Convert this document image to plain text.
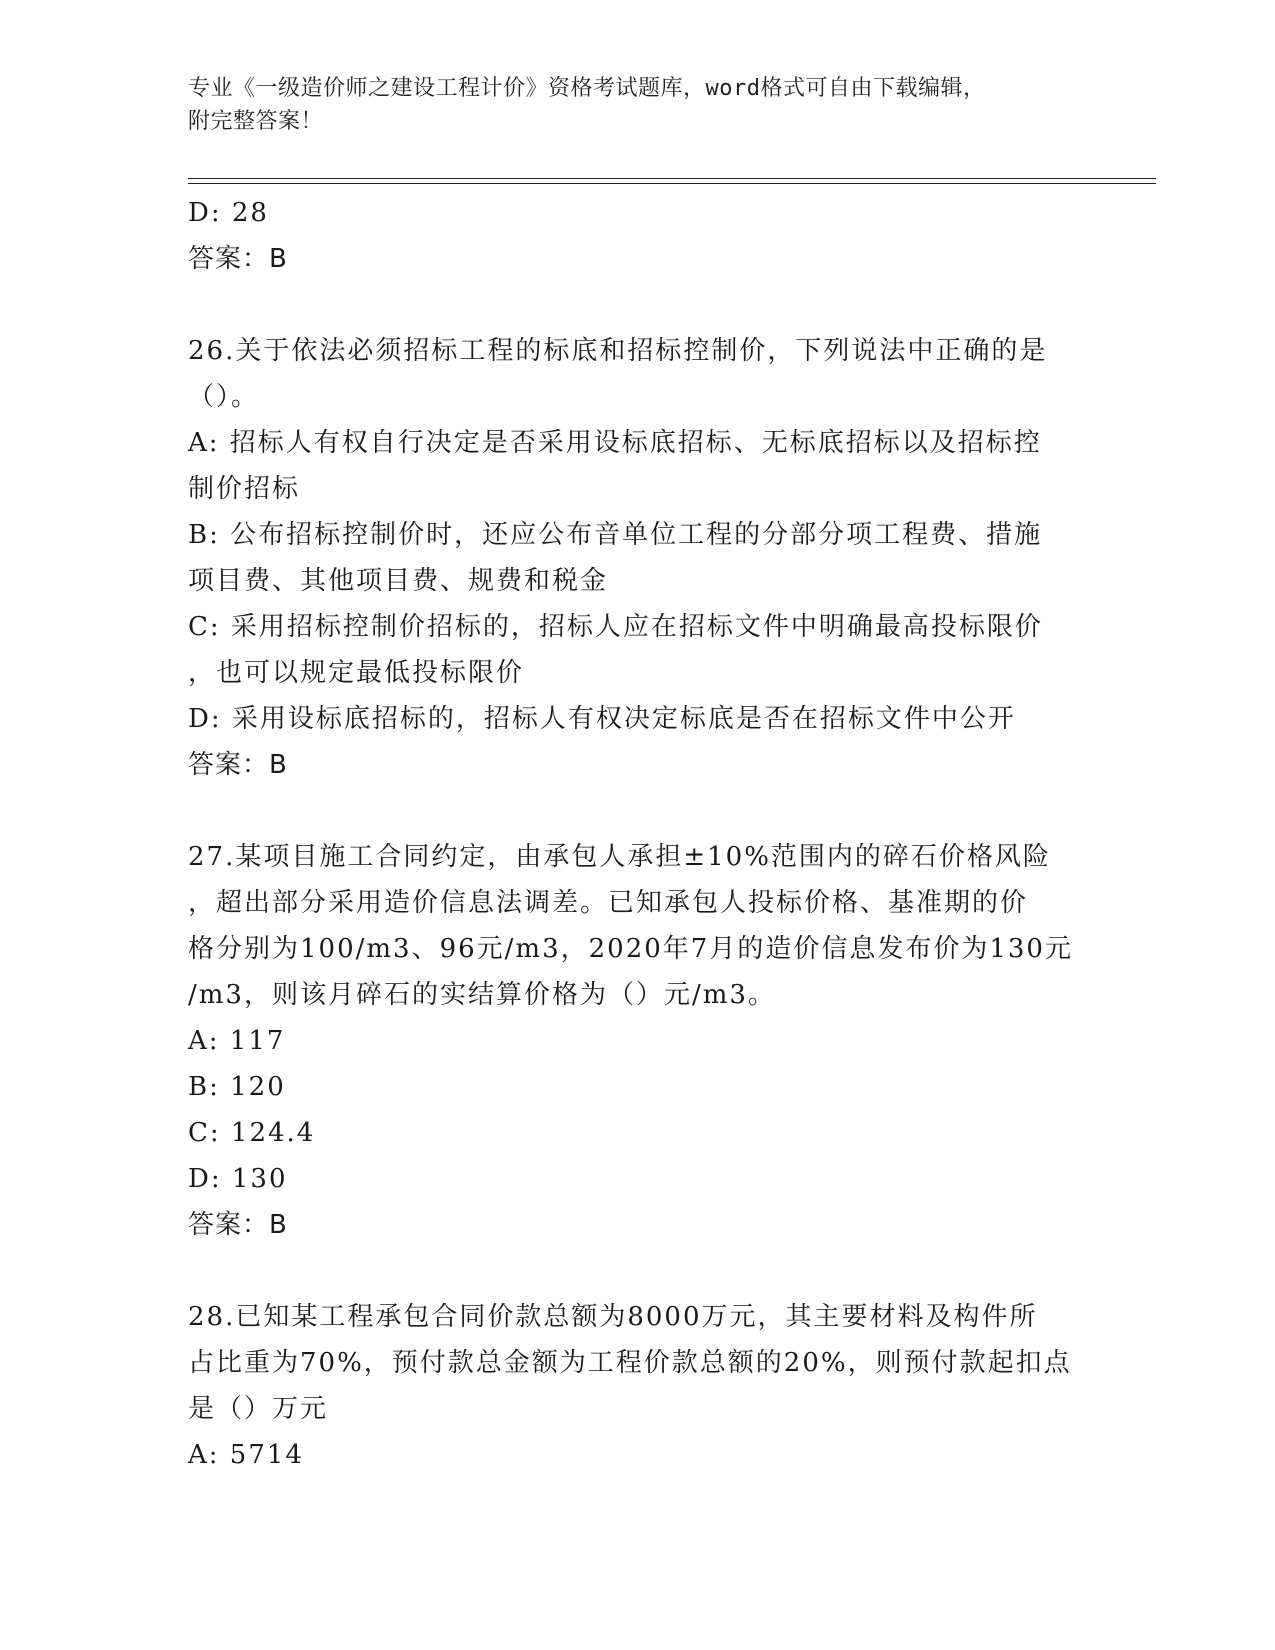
专业《一级造价师之建设工程计价》资格考试题库，word格式可自由下载编辑，
附完整答案！

D: 28

答案：B

26.关于依法必须招标工程的标底和招标控制价，下列说法中正确的是

（）。

A: 招标人有权自行决定是否采用设标底招标、无标底招标以及招标控

制价招标

B: 公布招标控制价时，还应公布音单位工程的分部分项工程费、措施

项目费、其他项目费、规费和税金

C: 采用招标控制价招标的，招标人应在招标文件中明确最高投标限价

，也可以规定最低投标限价

D: 采用设标底招标的，招标人有权决定标底是否在招标文件中公开

答案：B

27.某项目施工合同约定，由承包人承担±10%范围内的碎石价格风险

，超出部分采用造价信息法调差。已知承包人投标价格、基准期的价

格分别为100/m3、96元/m3，2020年7月的造价信息发布价为130元

/m3，则该月碎石的实结算价格为（）元/m3。

A: 117

B: 120

C: 124.4

D: 130

答案：B

28.已知某工程承包合同价款总额为8000万元，其主要材料及构件所

占比重为70%，预付款总金额为工程价款总额的20%，则预付款起扣点

是（）万元

A: 5714
